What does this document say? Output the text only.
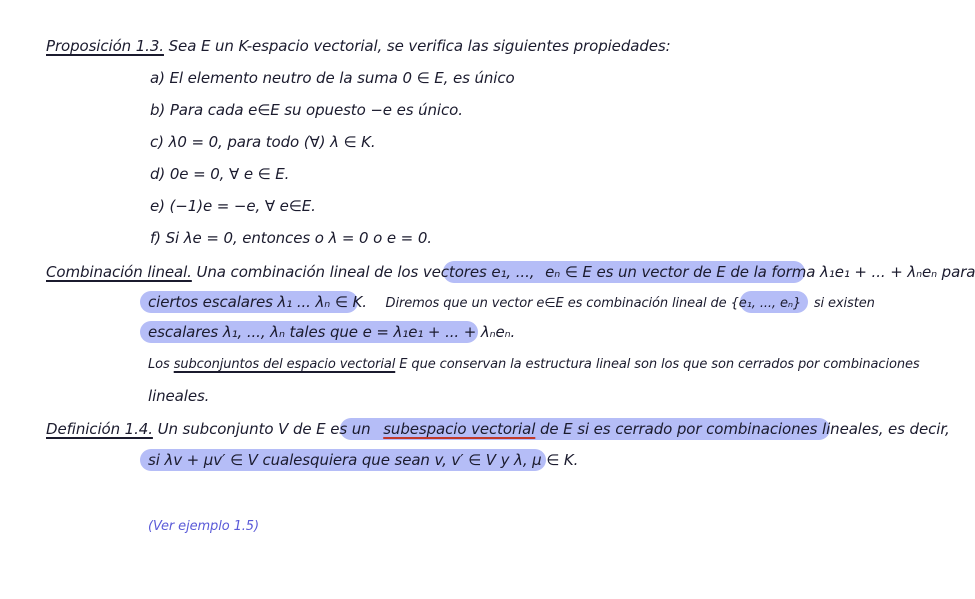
Proposición 1.3. Sea E un K-espacio vectorial, se verifica las siguientes propiedades:
a) El elemento neutro de la suma 0 ∈ E, es único
b) Para cada e∈E su opuesto −e es único.
c) λ0 = 0, para todo (∀) λ ∈ K.
d) 0e = 0, ∀ e ∈ E.
e) (−1)e = −e, ∀ e∈E.
f) Si λe = 0, entonces o λ = 0 o e = 0.
Combinación lineal. Una combinación lineal de los vectores e₁, ..., eₙ ∈ E es un vector de E de la forma λ₁e₁ + ... + λₙeₙ para
ciertos escalares λ₁ ... λₙ ∈ K. Diremos que un vector e∈E es combinación lineal de {e₁, ..., eₙ} si existen
escalares λ₁, ..., λₙ tales que e = λ₁e₁ + ... + λₙeₙ.
Los subconjuntos del espacio vectorial E que conservan la estructura lineal son los que son cerrados por combinaciones
lineales.
Definición 1.4. Un subconjunto V de E es un subespacio vectorial de E si es cerrado por combinaciones lineales, es decir,
si λv + μv′ ∈ V cualesquiera que sean v, v′ ∈ V y λ, μ ∈ K.
(Ver ejemplo 1.5)
